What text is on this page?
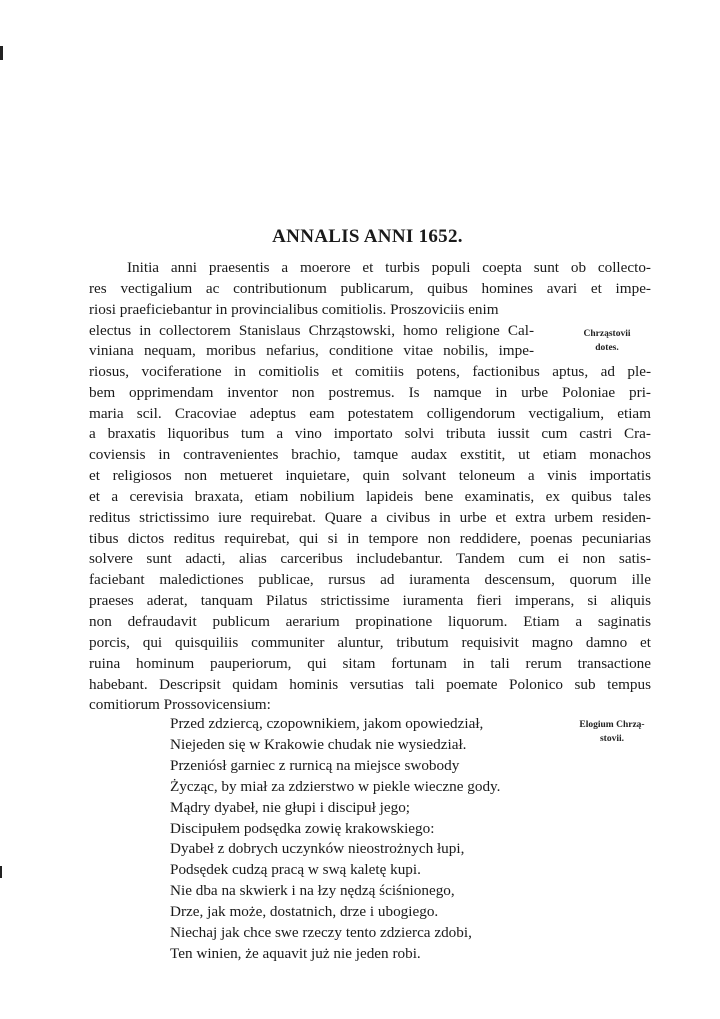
ANNALIS ANNI 1652.
Initia anni praesentis a moerore et turbis populi coepta sunt ob collecto-
res vectigalium ac contributionum publicarum, quibus homines avari et impe-
riosi praeficiebantur in provincialibus comitiolis. Proszoviciis enim
electus in collectorem Stanislaus Chrząstowski, homo religione Cal-	Chrząstovii
dotes.
viniana nequam, moribus nefarius, conditione vitae nobilis, impe-
riosus, vociferatione in comitiolis et comitiis potens, factionibus aptus, ad ple-
bem opprimendam inventor non postremus. Is namque in urbe Poloniae pri-
maria scil. Cracoviae adeptus eam potestatem colligendorum vectigalium, etiam
a braxatis liquoribus tum a vino importato solvi tributa iussit cum castri Cra-
coviensis in contravenientes brachio, tamque audax exstitit, ut etiam monachos
et religiosos non metueret inquietare, quin solvant teloneum a vinis importatis
et a cerevisia braxata, etiam nobilium lapideis bene examinatis, ex quibus tales
reditus strictissimo iure requirebat. Quare a civibus in urbe et extra urbem residen-
tibus dictos reditus requirebat, qui si in tempore non reddidere, poenas pecuniarias
solvere sunt adacti, alias carceribus includebantur. Tandem cum ei non satis-
faciebant maledictiones publicae, rursus ad iuramenta descensum, quorum ille
praeses aderat, tanquam Pilatus strictissime iuramenta fieri imperans, si aliquis
non defraudavit publicum aerarium propinatione liquorum. Etiam a saginatis
porcis, qui quisquiliis communiter aluntur, tributum requisivit magno damno et
ruina hominum pauperiorum, qui sitam fortunam in tali rerum transactione
habebant. Descripsit quidam hominis versutias tali poemate Polonico sub tempus
comitiorum Prossovicensium:
Elogium Chrzą-
stovii.
Przed zdziercą, czopownikiem, jakom opowiedział,
Niejeden się w Krakowie chudak nie wysiedział.
Przeniósł garniec z rurnicą na miejsce swobody
Życząc, by miał za zdzierstwo w piekle wieczne gody.
Mądry dyabeł, nie głupi i discipuł jego;
Discipułem podsędka zowię krakowskiego:
Dyabeł z dobrych uczynków nieostrożnych łupi,
Podsędek cudzą pracą w swą kaletę kupi.
Nie dba na skwierk i na łzy nędzą ściśnionego,
Drze, jak może, dostatnich, drze i ubogiego.
Niechaj jak chce swe rzeczy tento zdzierca zdobi,
Ten winien, że aquavit już nie jeden robi.
